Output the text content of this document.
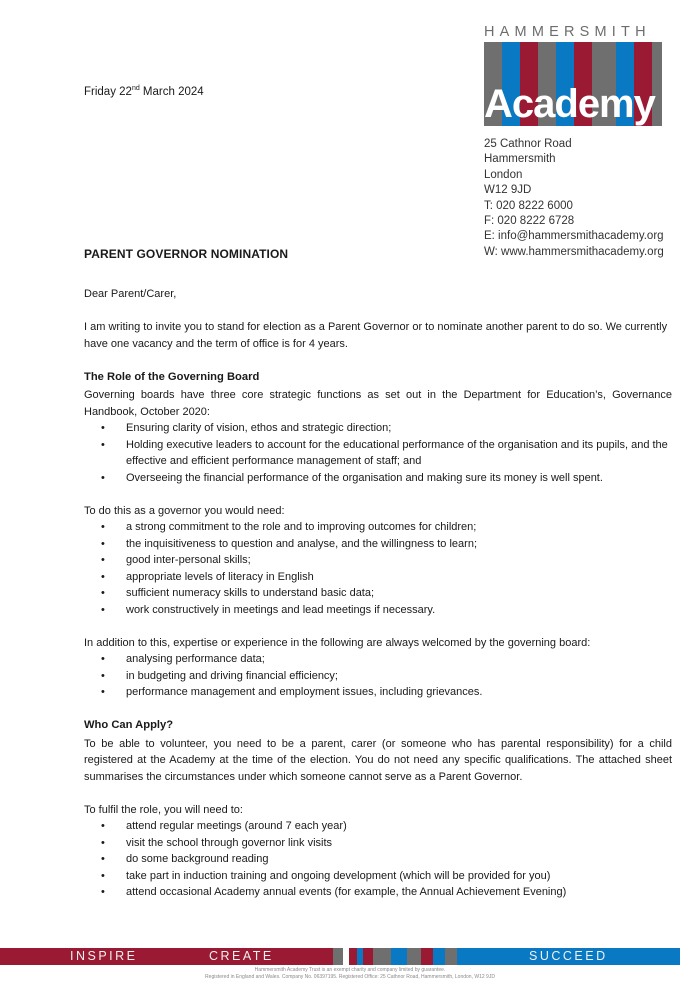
HAMMERSMITH
Academy
25 Cathnor Road
Hammersmith
London
W12 9JD
T: 020 8222 6000
F: 020 8222 6728
E: info@hammersmithacademy.org
W: www.hammersmithacademy.org
Friday 22nd March 2024
PARENT GOVERNOR NOMINATION

Dear Parent/Carer,

I am writing to invite you to stand for election as a Parent Governor or to nominate another parent to do so. We currently have one vacancy and the term of office is for 4 years.

The Role of the Governing Board

Governing boards have three core strategic functions as set out in the Department for Education’s, Governance Handbook, October 2020:

• Ensuring clarity of vision, ethos and strategic direction;
• Holding executive leaders to account for the educational performance of the organisation and its pupils, and the effective and efficient performance management of staff; and
• Overseeing the financial performance of the organisation and making sure its money is well spent.

To do this as a governor you would need:

• a strong commitment to the role and to improving outcomes for children;
• the inquisitiveness to question and analyse, and the willingness to learn;
• good inter-personal skills;
• appropriate levels of literacy in English
• sufficient numeracy skills to understand basic data;
• work constructively in meetings and lead meetings if necessary.

In addition to this, expertise or experience in the following are always welcomed by the governing board:

• analysing performance data;
• in budgeting and driving financial efficiency;
• performance management and employment issues, including grievances.
Who Can Apply?

To be able to volunteer, you need to be a parent, carer (or someone who has parental responsibility) for a child registered at the Academy at the time of the election. You do not need any specific qualifications. The attached sheet summarises the circumstances under which someone cannot serve as a Parent Governor.

To fulfil the role, you will need to:

• attend regular meetings (around 7 each year)
• visit the school through governor link visits
• do some background reading
• take part in induction training and ongoing development (which will be provided for you)
• attend occasional Academy annual events (for example, the Annual Achievement Evening)
INSPIRE	CREATE	SUCCEED
Hammersmith Academy Trust is an exempt charity and company limited by guarantee.
Registered in England and Wales. Company No. 06397195. Registered Office: 25 Cathnor Road, Hammersmith, London, W12 9JD
